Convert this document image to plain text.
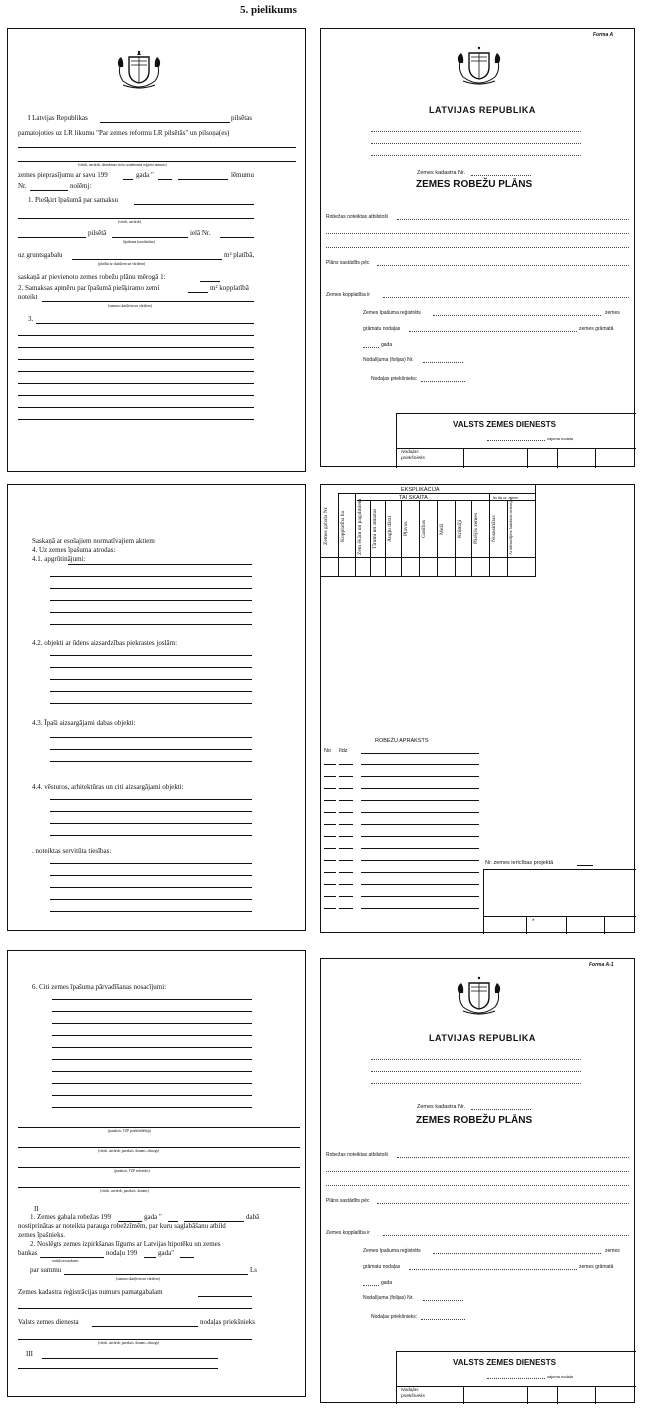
5. pielikums
I Latvijas Republikas	pilsētas
pamatojoties uz LR likumu "Par zemes reformu LR pilsētās" un pilsoņa(es)
(vārds, uzvārds, dzimšanas vieta, uzņēmuma reģistra numurs)
zemes pieprasījumu ar savu 199	gada "	lēmumu
Nr.	nolēmj:
1. Piešķirt īpašumā par samaksu
(vārds, uzvārds)
pilsētā	ielā Nr.
(īpašuma koordinātas)
uz gruntsgabalu	m² platībā,
(platība ar skaitļiem un vārdiem)
saskaņā ar pievienoto zemes robežu plānu mērogā 1:
2. Samaksas apmēru par īpašumā piešķiramo zemi	m² kopplatībā
noteikt
(summa skaitļiem un vārdiem)
3.
Forma A
LATVIJAS REPUBLIKA
Zemes kadastra Nr.
ZEMES ROBEŽU PLĀNS
Robežas noteiktas atbilstoši
Plāns sastādīts pēc
Zemes kopplatība ir
Zemes īpašuma reģistrēts	zemes
grāmatu nodaļas	zemes grāmatā
gada
Nodalījuma (folijas) Nr.
Nodaļas priekšnieks:
VALSTS ZEMES DIENESTS
zajuma nodaļa
Nodaļas priekšnieks
Saskaņā ar esošajiem normatīvajiem aktiem
4. Uz zemes īpašuma atrodas:
4.1. apgrūtinājumi:
4.2. objekti ar ūdens aizsardzības piekrastes joslām:
4.3. Īpaši aizsargājami dabas objekti:
4.4. vēsturos, arhitektūras un citi aizsargājami objekti:
. noteiktas servitūta tiesības:
EKSPLIKĀCIJA
TAI SKAITA	No tās uz. zemes:
Zemes gabala Nr.	Kopplatība ha	Zem ēkām un pagalmiem	Tīrumi un atmatas	Augļu dārzi	Pļavas	Ganības	Meži	Krūmāji	Pārējās zemes	Nosusinātas	Ar ūdenstilpēm laistāmās teritorijas
ROBEŽU APRAKSTS
No līdz
Nr. zemes ierīcības projektā
*
6. Citi zemes īpašuma pārvadīšanas nosacījumi:
(paraksts, TZP priekšsēdētājs)
(vārds, uzvārds, paraksts, datums, zīmogs)
(paraksts, TZP sekretārs)
(vārds, uzvārds, paraksts, datums)
II
1. Zemes gabala robežas 199	gada "	dabā
nostiprinātas ar noteikta parauga robežzīmēm, par kuru saglabāšanu atbild
zemes īpašnieks.
2. Noslēgts zemes izpirkšanas līgums ar Latvijas hipotēku un zemes
bankas	nodaļu 199	gada"
nodaļa nosaukums
par summu	Ls
(summa skaitļiem un vārdiem)
Zemes kadastra reģistrācijas numurs pamatgabalam
Valsts zemes dienesta	nodaļas priekšnieks
(vārds, uzvārds, paraksts, datums, zīmogs)
III
Forma A-1
LATVIJAS REPUBLIKA
Zemes kadastra Nr.
ZEMES ROBEŽU PLĀNS
Robežas noteiktas atbilstoši
Plāns sastādīts pēc
Zemes kopplatība ir
Zemes īpašuma reģistrēts	zemes
grāmatu nodaļas	zemes grāmatā
gada
Nodalījuma (folijas) Nr.
Nodaļas priekšnieks:
VALSTS ZEMES DIENESTS
zajuma nodaļa
Nodaļas priekšnieks
